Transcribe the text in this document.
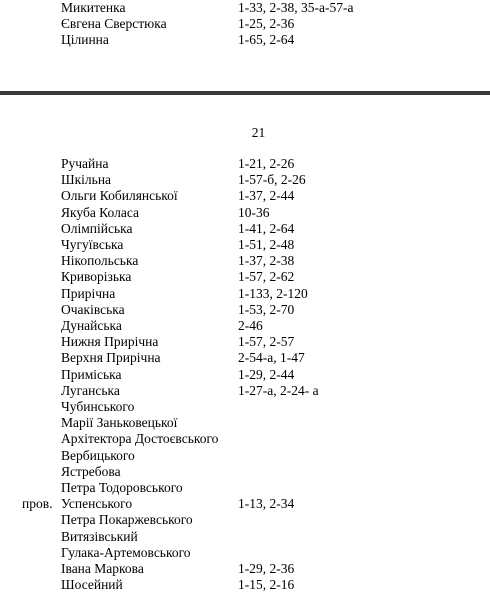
Микитенка	1-33, 2-38, 35-а-57-а
Євгена Сверстюка	1-25, 2-36
Цілинна	1-65, 2-64
21
Ручайна	1-21, 2-26
Шкільна	1-57-б, 2-26
Ольги Кобилянської	1-37, 2-44
Якуба Коласа	10-36
Олімпійська	1-41, 2-64
Чугуївська	1-51, 2-48
Нікопольська	1-37, 2-38
Криворізька	1-57, 2-62
Прирічна	1-133, 2-120
Очаківська	1-53, 2-70
Дунайська	2-46
Нижня Прирічна	1-57, 2-57
Верхня Прирічна	2-54-а, 1-47
Приміська	1-29, 2-44
Луганська	1-27-а, 2-24- а
Чубинського
Марії Заньковецької
Архітектора Достоєвського
Вербицького
Ястребова
Петра Тодоровського
пров. Успенського	1-13, 2-34
Петра Покаржевського
Витязівський
Гулака-Артемовського
Івана Маркова	1-29, 2-36
Шосейний	1-15, 2-16
